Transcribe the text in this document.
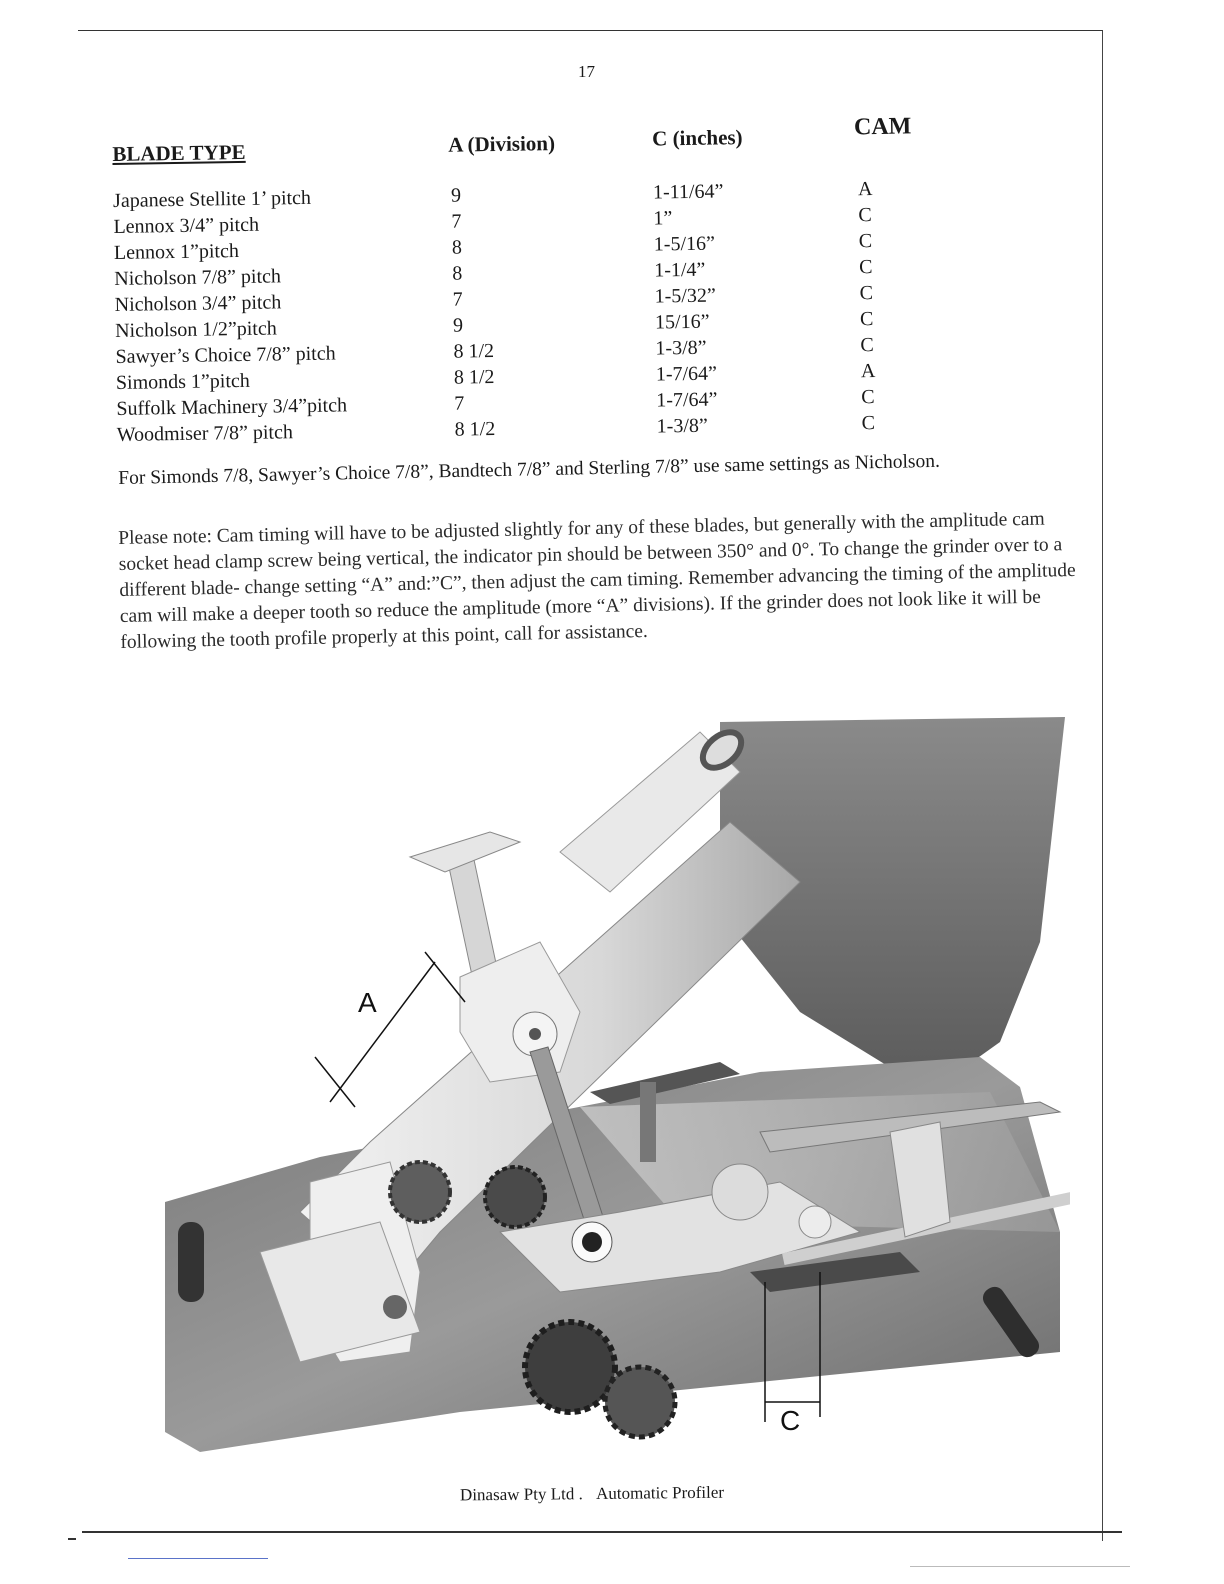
17
BLADE TYPE	A (Division)	C (inches)	CAM
Japanese Stellite 1’ pitch	9	1-11/64”	A
Lennox 3/4” pitch	7	1”	C
Lennox 1”pitch	8	1-5/16”	C
Nicholson 7/8” pitch	8	1-1/4”	C
Nicholson 3/4” pitch	7	1-5/32”	C
Nicholson 1/2”pitch	9	15/16”	C
Sawyer’s Choice 7/8” pitch	8 1/2	1-3/8”	C
Simonds 1”pitch	8 1/2	1-7/64”	A
Suffolk Machinery 3/4”pitch	7	1-7/64”	C
Woodmiser 7/8” pitch	8 1/2	1-3/8”	C
For Simonds 7/8, Sawyer’s Choice 7/8”, Bandtech 7/8” and Sterling 7/8” use same settings as Nicholson.
Please note: Cam timing will have to be adjusted slightly for any of these blades, but generally with the amplitude cam socket head clamp screw being vertical, the indicator pin should be between 350° and 0°. To change the grinder over to a different blade- change setting “A” and:”C”, then adjust the cam timing. Remember advancing the timing of the amplitude cam will make a deeper tooth so reduce the amplitude (more “A” divisions). If the grinder does not look like it will be following the tooth profile properly at this point, call for assistance.
A
C
Dinasaw Pty Ltd . Automatic Profiler
